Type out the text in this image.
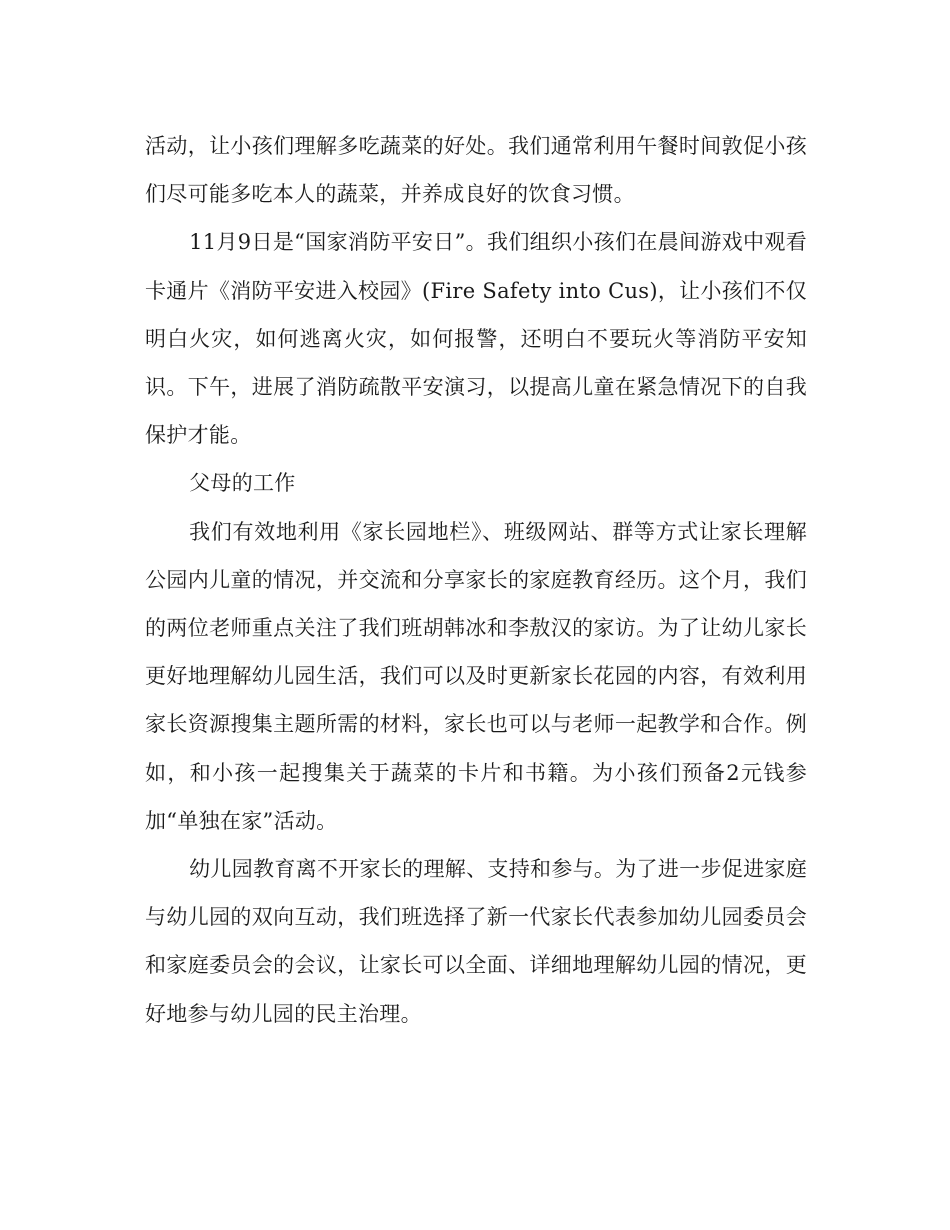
活动，让小孩们理解多吃蔬菜的好处。我们通常利用午餐时间敦促小孩们尽可能多吃本人的蔬菜，并养成良好的饮食习惯。

11月9日是“国家消防平安日”。我们组织小孩们在晨间游戏中观看卡通片《消防平安进入校园》(Fire Safety into Cus)，让小孩们不仅明白火灾，如何逃离火灾，如何报警，还明白不要玩火等消防平安知识。下午，进展了消防疏散平安演习，以提高儿童在紧急情况下的自我保护才能。

父母的工作

我们有效地利用《家长园地栏》、班级网站、群等方式让家长理解公园内儿童的情况，并交流和分享家长的家庭教育经历。这个月，我们的两位老师重点关注了我们班胡韩冰和李敖汉的家访。为了让幼儿家长更好地理解幼儿园生活，我们可以及时更新家长花园的内容，有效利用家长资源搜集主题所需的材料，家长也可以与老师一起教学和合作。例如，和小孩一起搜集关于蔬菜的卡片和书籍。为小孩们预备2元钱参加“单独在家”活动。

幼儿园教育离不开家长的理解、支持和参与。为了进一步促进家庭与幼儿园的双向互动，我们班选择了新一代家长代表参加幼儿园委员会和家庭委员会的会议，让家长可以全面、详细地理解幼儿园的情况，更好地参与幼儿园的民主治理。
